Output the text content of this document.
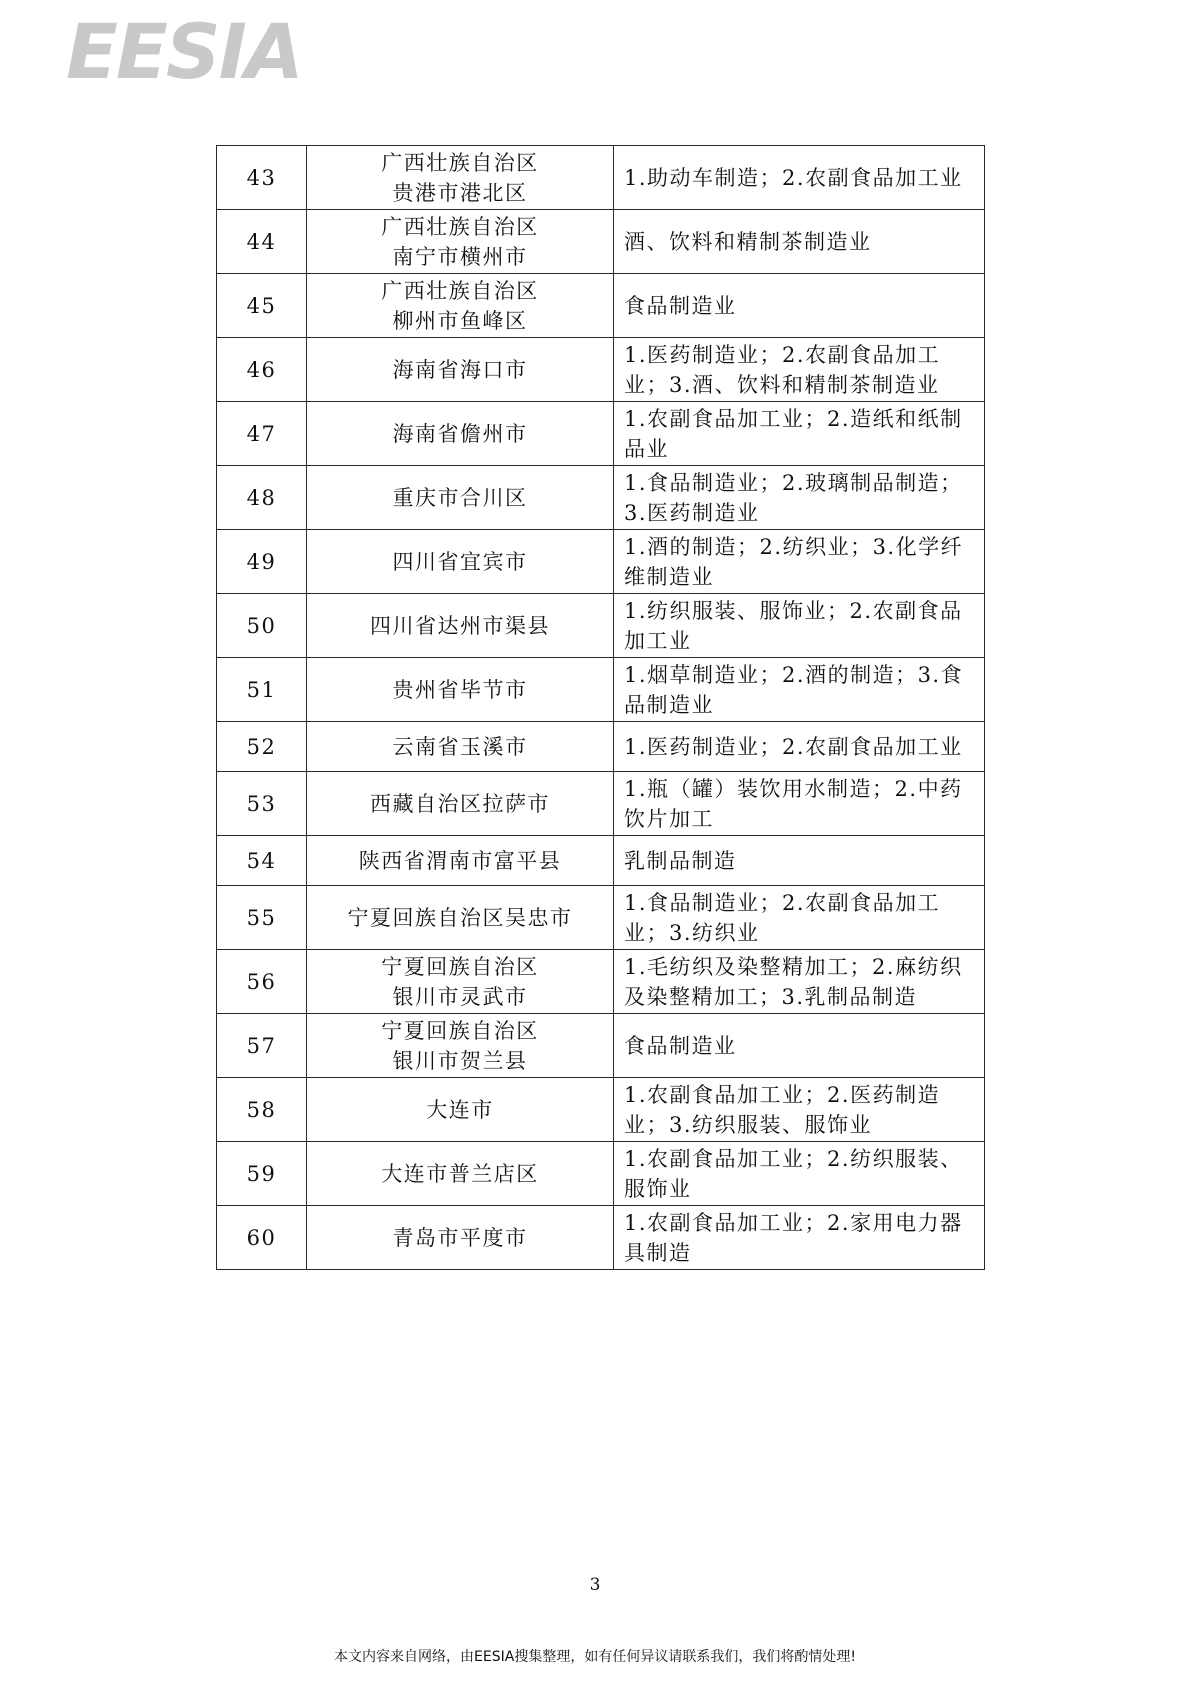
EESIA
43	广西壮族自治区
贵港市港北区	1.助动车制造；2.农副食品加工业
44	广西壮族自治区
南宁市横州市	酒、饮料和精制茶制造业
45	广西壮族自治区
柳州市鱼峰区	食品制造业
46	海南省海口市	1.医药制造业；2.农副食品加工业；3.酒、饮料和精制茶制造业
47	海南省儋州市	1.农副食品加工业；2.造纸和纸制品业
48	重庆市合川区	1.食品制造业；2.玻璃制品制造；3.医药制造业
49	四川省宜宾市	1.酒的制造；2.纺织业；3.化学纤维制造业
50	四川省达州市渠县	1.纺织服装、服饰业；2.农副食品加工业
51	贵州省毕节市	1.烟草制造业；2.酒的制造；3.食品制造业
52	云南省玉溪市	1.医药制造业；2.农副食品加工业
53	西藏自治区拉萨市	1.瓶（罐）装饮用水制造；2.中药饮片加工
54	陕西省渭南市富平县	乳制品制造
55	宁夏回族自治区吴忠市	1.食品制造业；2.农副食品加工业；3.纺织业
56	宁夏回族自治区
银川市灵武市	1.毛纺织及染整精加工；2.麻纺织及染整精加工；3.乳制品制造
57	宁夏回族自治区
银川市贺兰县	食品制造业
58	大连市	1.农副食品加工业；2.医药制造业；3.纺织服装、服饰业
59	大连市普兰店区	1.农副食品加工业；2.纺织服装、服饰业
60	青岛市平度市	1.农副食品加工业；2.家用电力器具制造
3
本文内容来自网络，由EESIA搜集整理，如有任何异议请联系我们，我们将酌情处理!
